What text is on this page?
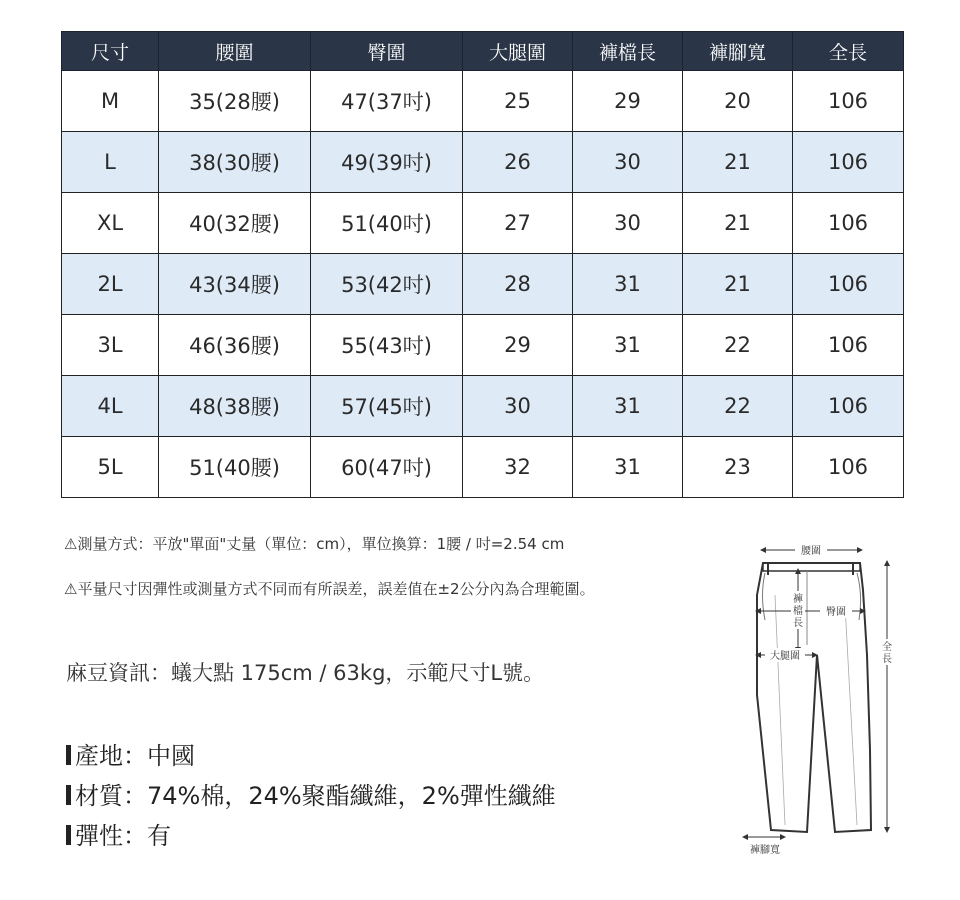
尺寸	腰圍	臀圍	大腿圍	褲檔長	褲腳寬	全長
M	35(28腰)	47(37吋)	25	29	20	106
L	38(30腰)	49(39吋)	26	30	21	106
XL	40(32腰)	51(40吋)	27	30	21	106
2L	43(34腰)	53(42吋)	28	31	21	106
3L	46(36腰)	55(43吋)	29	31	22	106
4L	48(38腰)	57(45吋)	30	31	22	106
5L	51(40腰)	60(47吋)	32	31	23	106
⚠測量方式：平放"單面"丈量（單位：cm），單位換算：1腰 / 吋=2.54 cm
⚠平量尺寸因彈性或測量方式不同而有所誤差，誤差值在±2公分內為合理範圍。
麻豆資訊：蟻大點 175cm / 63kg，示範尺寸L號。
產地：中國
材質：74%棉，24%聚酯纖維，2%彈性纖維
彈性：有
腰圍
臀圍
褲
檔
長
大腿圍
全
長
褲腳寬
